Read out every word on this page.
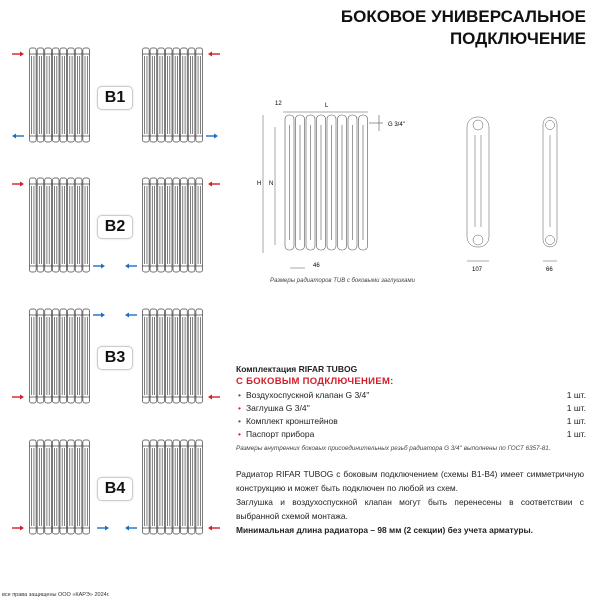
БОКОВОЕ УНИВЕРСАЛЬНОЕ
ПОДКЛЮЧЕНИЕ
B1
B2
B3
B4
12	L
H N
G 3/4''
46
107	66
Размеры радиаторов TUB с боковыми заглушками
Комплектация RIFAR TUBOG
С БОКОВЫМ ПОДКЛЮЧЕНИЕМ:
• Воздухоспускной клапан G 3/4''	1 шт.
• Заглушка G 3/4''	1 шт.
• Комплект кронштейнов	1 шт.
• Паспорт прибора	1 шт.
Размеры внутренних боковых присоединительных резьб радиатора G 3/4'' выполнены по ГОСТ 6357-81.
Радиатор RIFAR TUBOG с боковым подключением (схемы B1-B4) имеет симметричную конструкцию и может быть подключен по любой из схем.
Заглушка и воздухоспускной клапан могут быть перенесены в соответствии с выбранной схемой монтажа.
Минимальная длина радиатора – 98 мм (2 секции) без учета арматуры.
все права защищены ООО «КАРЭ» 2024г.
